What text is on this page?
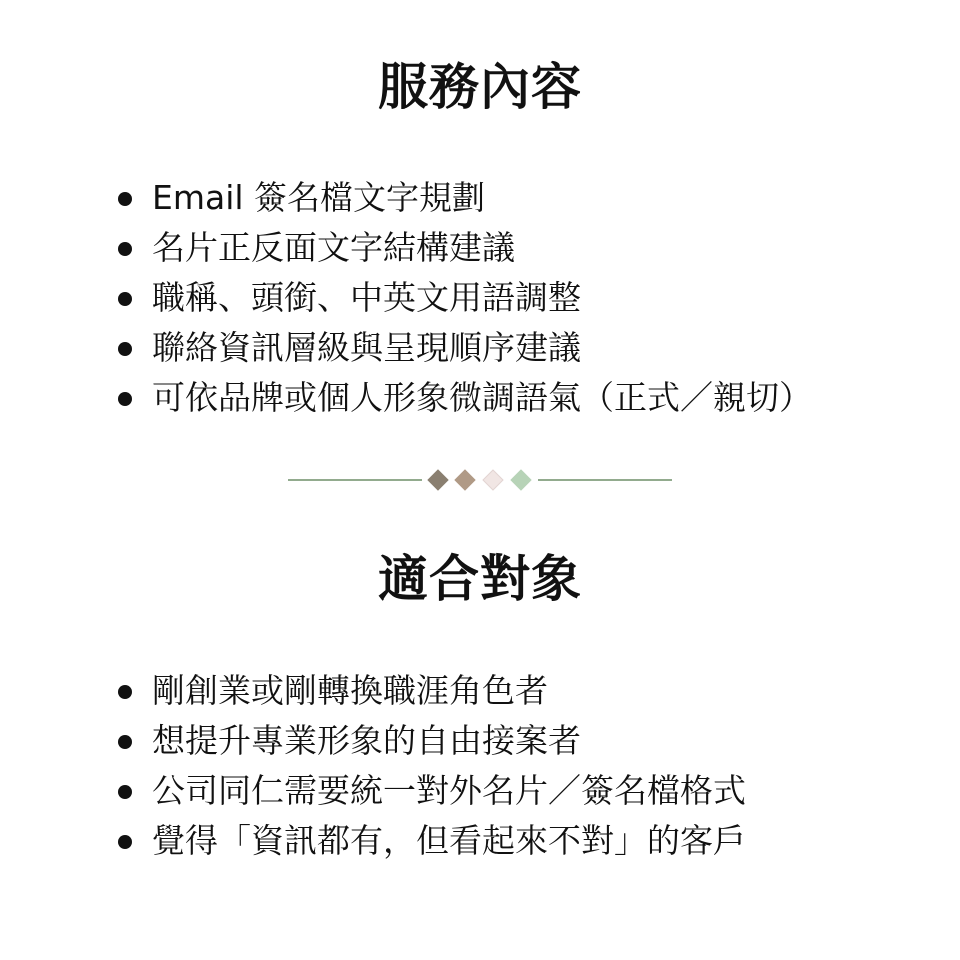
服務內容
Email 簽名檔文字規劃
名片正反面文字結構建議
職稱、頭銜、中英文用語調整
聯絡資訊層級與呈現順序建議
可依品牌或個人形象微調語氣（正式／親切）
適合對象
剛創業或剛轉換職涯角色者
想提升專業形象的自由接案者
公司同仁需要統一對外名片／簽名檔格式
覺得「資訊都有，但看起來不對」的客戶
